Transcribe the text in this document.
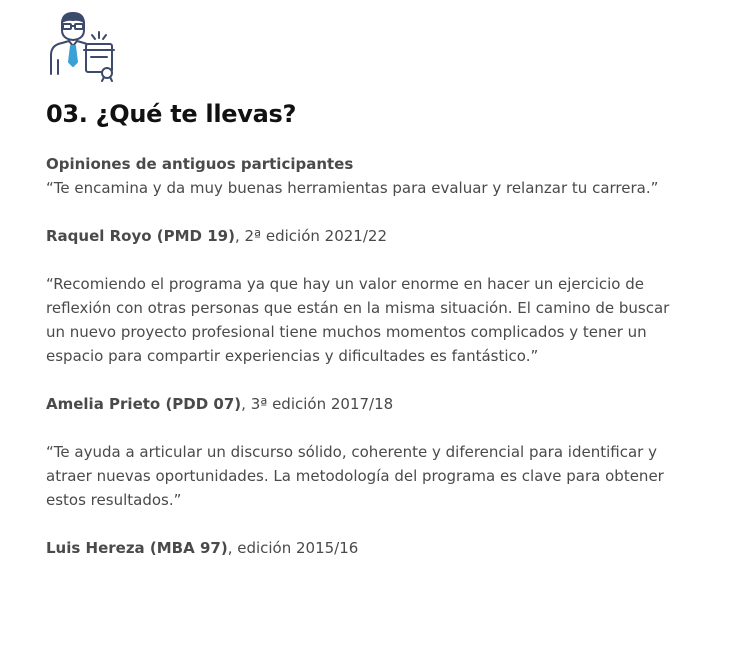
03. ¿Qué te llevas?

Opiniones de antiguos participantes

“Te encamina y da muy buenas herramientas para evaluar y relanzar tu carrera.”

Raquel Royo (PMD 19), 2ª edición 2021/22

“Recomiendo el programa ya que hay un valor enorme en hacer un ejercicio de reflexión con otras personas que están en la misma situación. El camino de buscar un nuevo proyecto profesional tiene muchos momentos complicados y tener un espacio para compartir experiencias y dificultades es fantástico.”

Amelia Prieto (PDD 07), 3ª edición 2017/18

“Te ayuda a articular un discurso sólido, coherente y diferencial para identificar y atraer nuevas oportunidades. La metodología del programa es clave para obtener estos resultados.”

Luis Hereza (MBA 97), edición 2015/16
